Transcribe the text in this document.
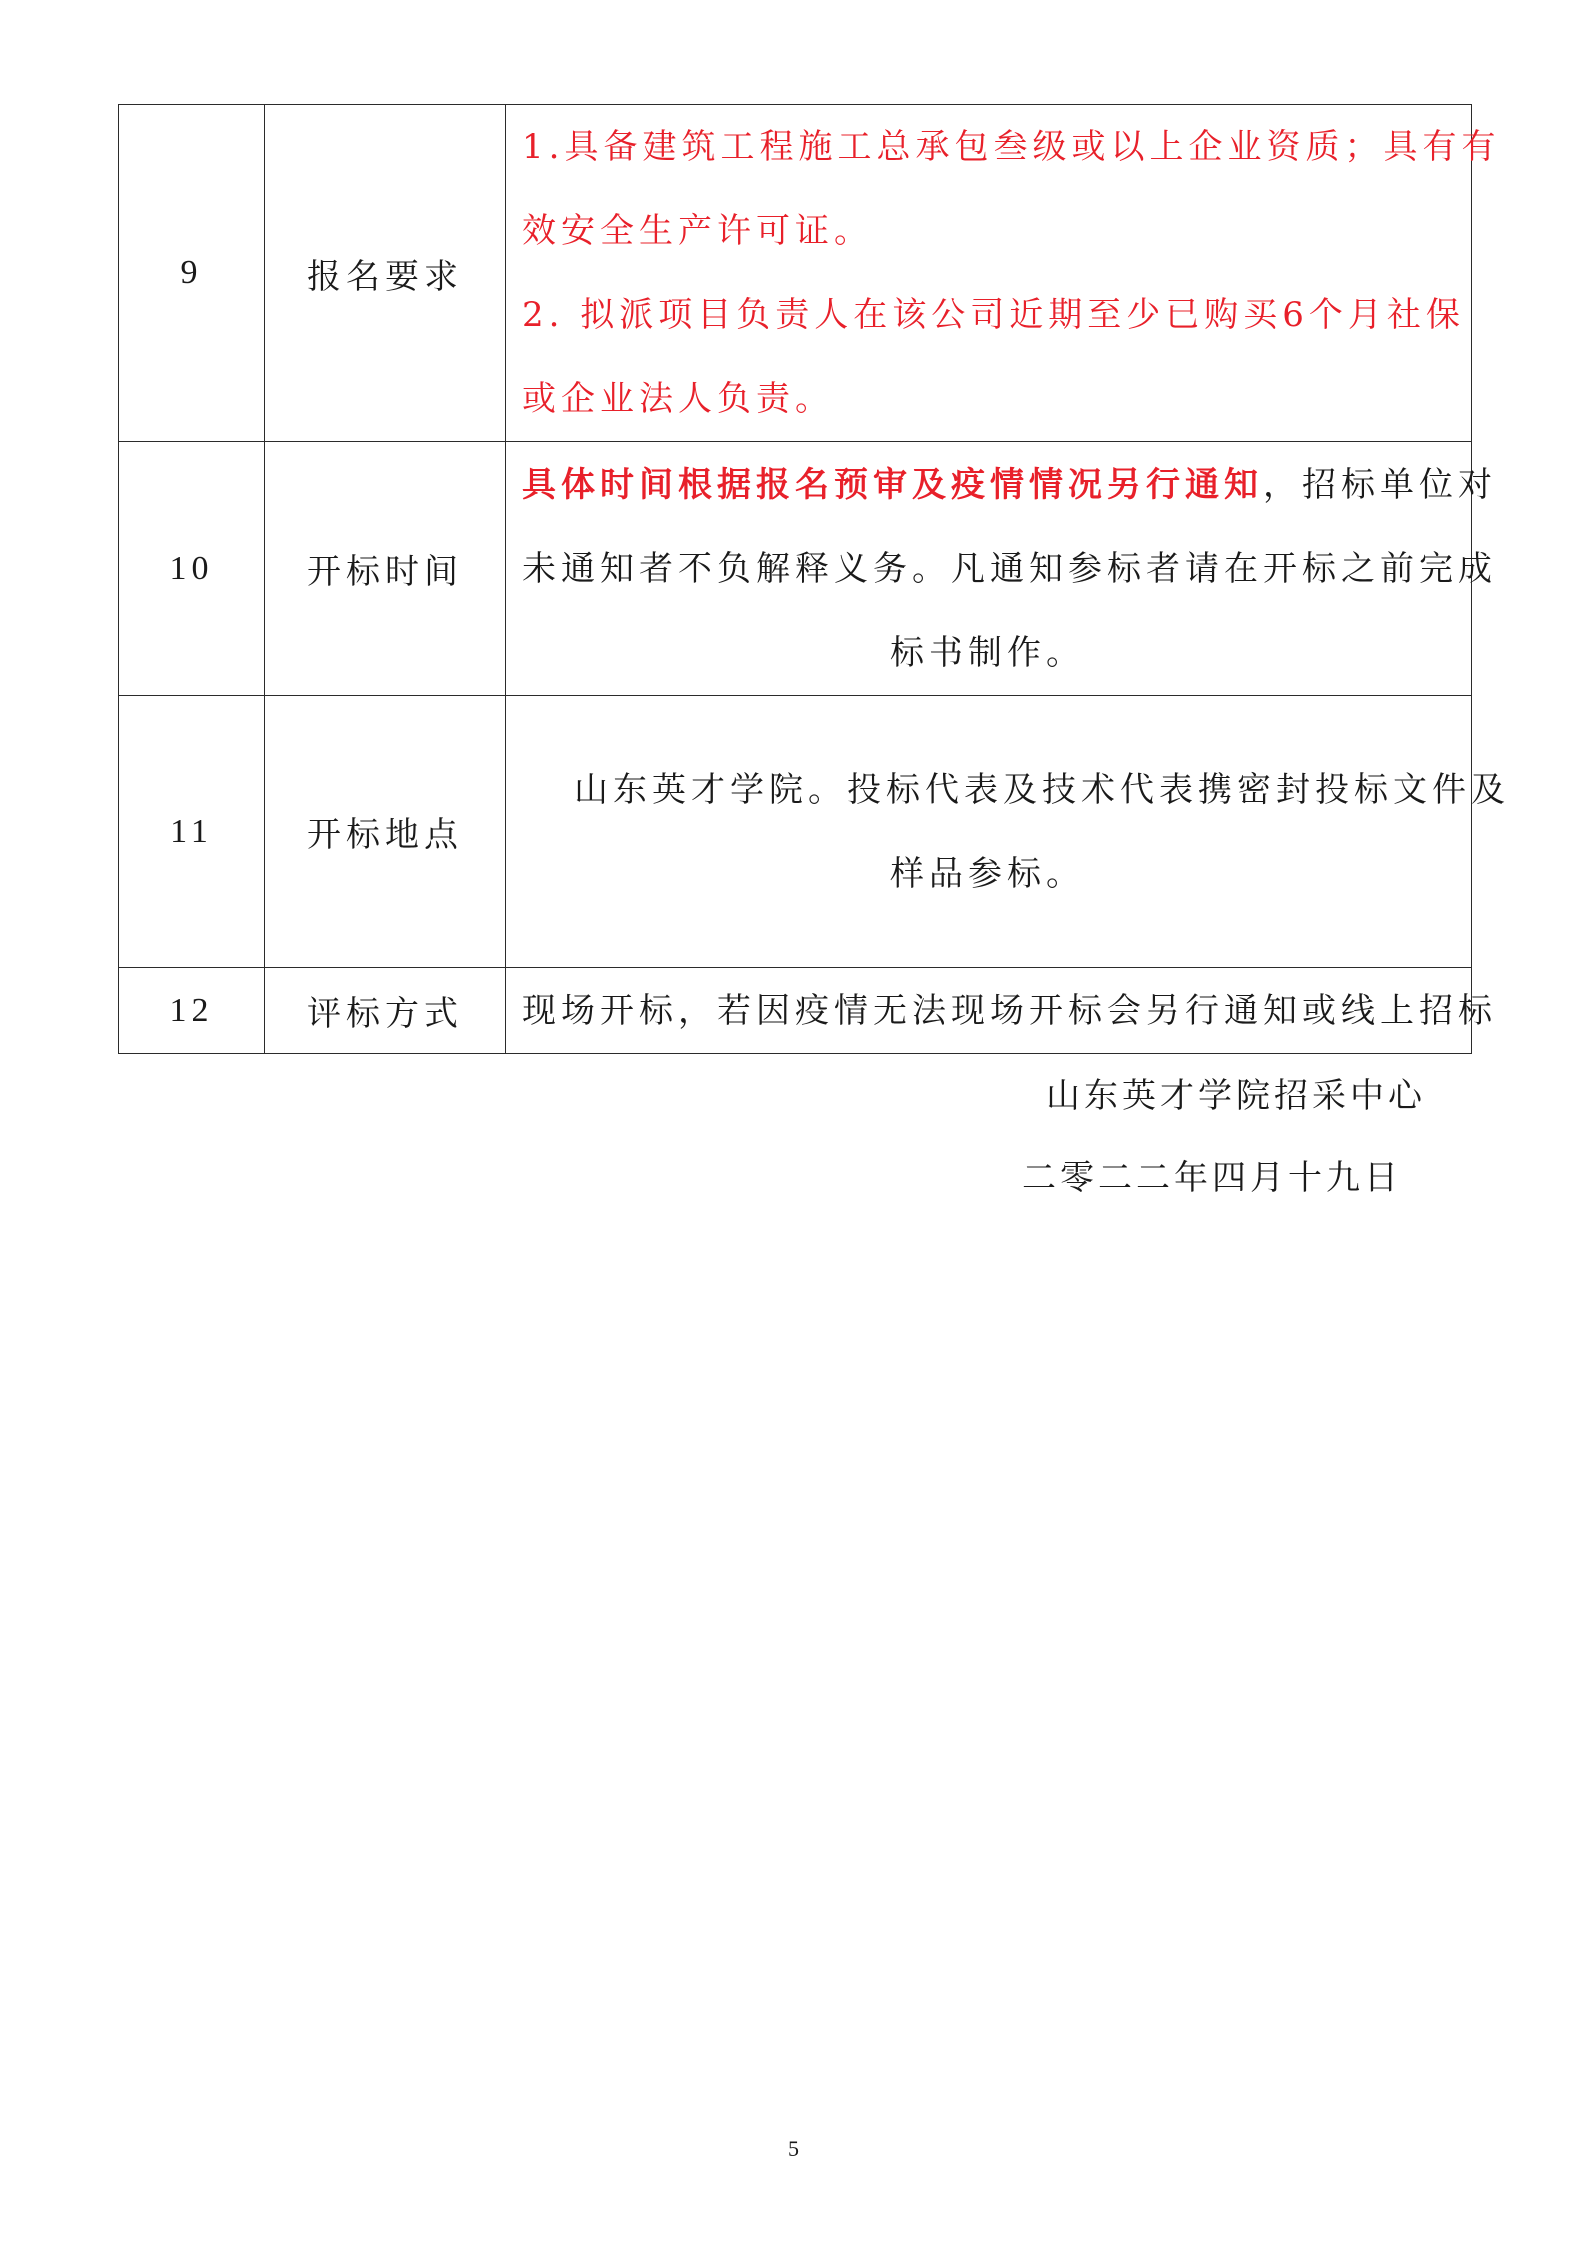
9	报名要求	1.具备建筑工程施工总承包叁级或以上企业资质；具有有
效安全生产许可证。
2. 拟派项目负责人在该公司近期至少已购买6个月社保
或企业法人负责。

10	开标时间	具体时间根据报名预审及疫情情况另行通知，招标单位对
未通知者不负解释义务。凡通知参标者请在开标之前完成
标书制作。

11	开标地点	山东英才学院。投标代表及技术代表携密封投标文件及
样品参标。

12	评标方式	现场开标，若因疫情无法现场开标会另行通知或线上招标
山东英才学院招采中心
二零二二年四月十九日
5
